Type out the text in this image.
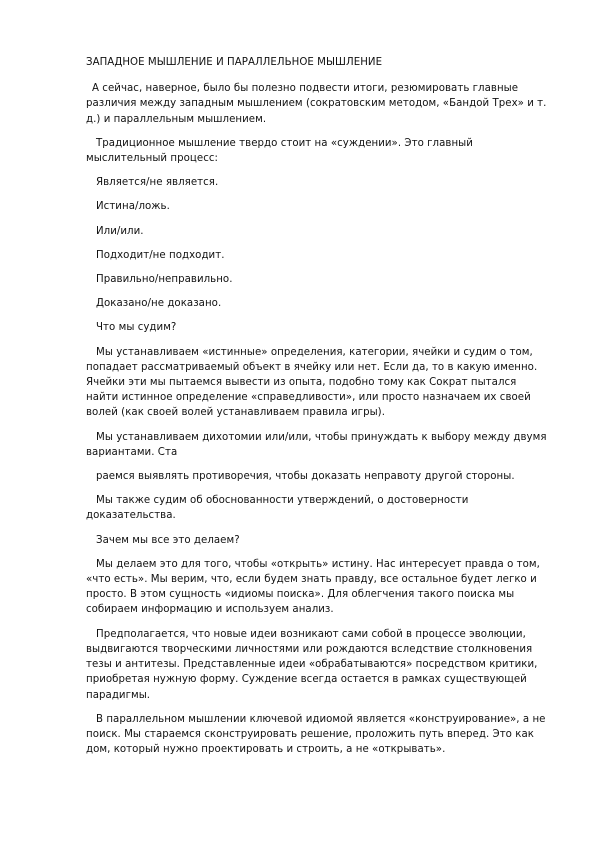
ЗАПАДНОЕ МЫШЛЕНИЕ И ПАРАЛЛЕЛЬНОЕ МЫШЛЕНИЕ

А сейчас, наверное, было бы полезно подвести итоги, резюмировать главные различия между западным мышлением (сократовским методом, «Бандой Трех» и т. д.) и параллельным мышлением.

Традиционное мышление твердо стоит на «суждении». Это главный мыслительный процесс:

Является/не является.

Истина/ложь.

Или/или.

Подходит/не подходит.

Правильно/неправильно.

Доказано/не доказано.

Что мы судим?

Мы устанавливаем «истинные» определения, категории, ячейки и судим о том, попадает рассматриваемый объект в ячейку или нет. Если да, то в какую именно. Ячейки эти мы пытаемся вывести из опыта, подобно тому как Сократ пытался найти истинное определение «справедливости», или просто назначаем их своей волей (как своей волей устанавливаем правила игры).

Мы устанавливаем дихотомии или/или, чтобы принуждать к выбору между двумя вариантами. Ста

раемся выявлять противоречия, чтобы доказать неправоту другой стороны.

Мы также судим об обоснованности утверждений, о достоверности доказательства.

Зачем мы все это делаем?

Мы делаем это для того, чтобы «открыть» истину. Нас интересует правда о том, «что есть». Мы верим, что, если будем знать правду, все остальное будет легко и просто. В этом сущность «идиомы поиска». Для облегчения такого поиска мы собираем информацию и используем анализ.

Предполагается, что новые идеи возникают сами собой в процессе эволюции, выдвигаются творческими личностями или рождаются вследствие столкновения тезы и антитезы. Представленные идеи «обрабатываются» посредством критики, приобретая нужную форму. Суждение всегда остается в рамках существующей парадигмы.

В параллельном мышлении ключевой идиомой является «конструирование», а не поиск. Мы стараемся сконструировать решение, проложить путь вперед. Это как дом, который нужно проектировать и строить, а не «открывать».
